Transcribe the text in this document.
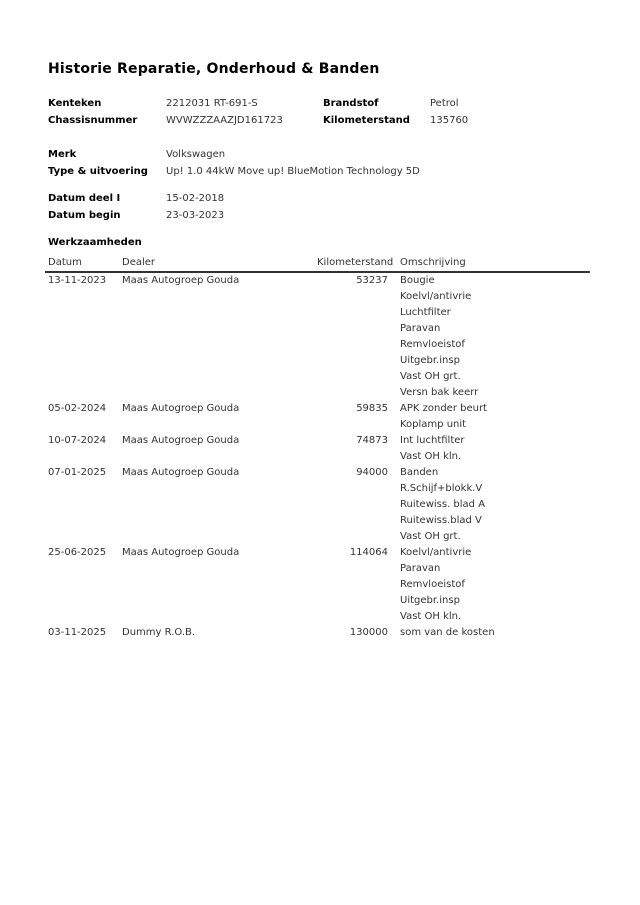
Historie Reparatie, Onderhoud & Banden
Kenteken	2212031 RT-691-S	Brandstof	Petrol
Chassisnummer	WVWZZZAAZJD161723	Kilometerstand	135760
Merk	Volkswagen
Type & uitvoering	Up! 1.0 44kW Move up! BlueMotion Technology 5D
Datum deel I	15-02-2018
Datum begin	23-03-2023
Werkzaamheden
Datum	Dealer	Kilometerstand Omschrijving
13-11-2023	Maas Autogroep Gouda	53237 Bougie
Koelvl/antivrie
Luchtfilter
Paravan
Remvloeistof
Uitgebr.insp
Vast OH grt.
Versn bak keerr
05-02-2024	Maas Autogroep Gouda	59835 APK zonder beurt
Koplamp unit
10-07-2024	Maas Autogroep Gouda	74873 Int luchtfilter
Vast OH kln.
07-01-2025	Maas Autogroep Gouda	94000 Banden
R.Schijf+blokk.V
Ruitewiss. blad A
Ruitewiss.blad V
Vast OH grt.
25-06-2025	Maas Autogroep Gouda	114064 Koelvl/antivrie
Paravan
Remvloeistof
Uitgebr.insp
Vast OH kln.
03-11-2025	Dummy R.O.B.	130000 som van de kosten
